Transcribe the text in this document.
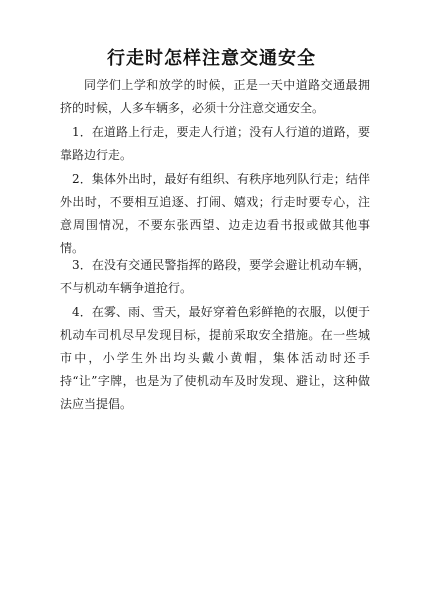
行走时怎样注意交通安全
同学们上学和放学的时候，正是一天中道路交通最拥挤的时候，人多车辆多，必须十分注意交通安全。
1．在道路上行走，要走人行道；没有人行道的道路，要靠路边行走。
2．集体外出时，最好有组织、有秩序地列队行走；结伴外出时，不要相互追逐、打闹、嬉戏；行走时要专心，注意周围情况，不要东张西望、边走边看书报或做其他事情。
3．在没有交通民警指挥的路段，要学会避让机动车辆，不与机动车辆争道抢行。
4．在雾、雨、雪天，最好穿着色彩鲜艳的衣服，以便于机动车司机尽早发现目标，提前采取安全措施。在一些城市中，小学生外出均头戴小黄帽，集体活动时还手持“让”字牌，也是为了使机动车及时发现、避让，这种做法应当提倡。
